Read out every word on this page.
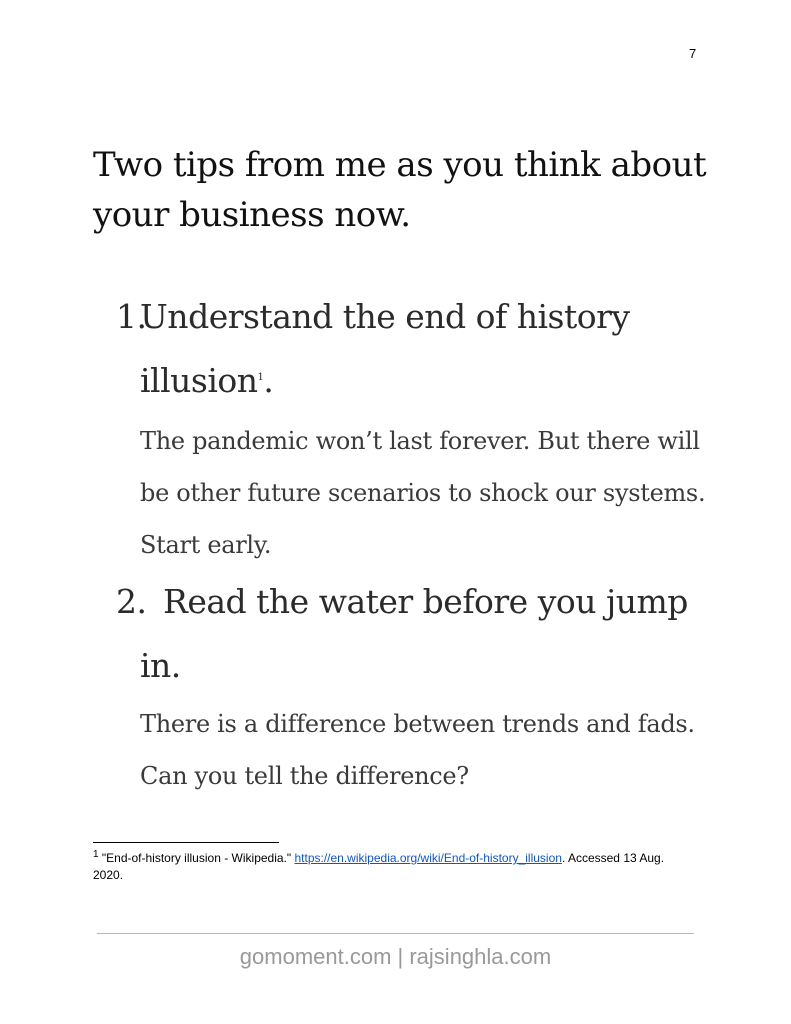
7
Two tips from me as you think about your business now.
1.
Understand the end of history
illusion$^1$.

The pandemic won’t last forever. But there will be other future scenarios to shock our systems. Start early.

2. Read the water before you jump
in.

There is a difference between trends and fads. Can you tell the difference?

$^1$ "End-of-history illusion - Wikipedia." https://en.wikipedia.org/wiki/End-of-history_illusion. Accessed 13 Aug. 2020.
gomoment.com | rajsinghla.com
